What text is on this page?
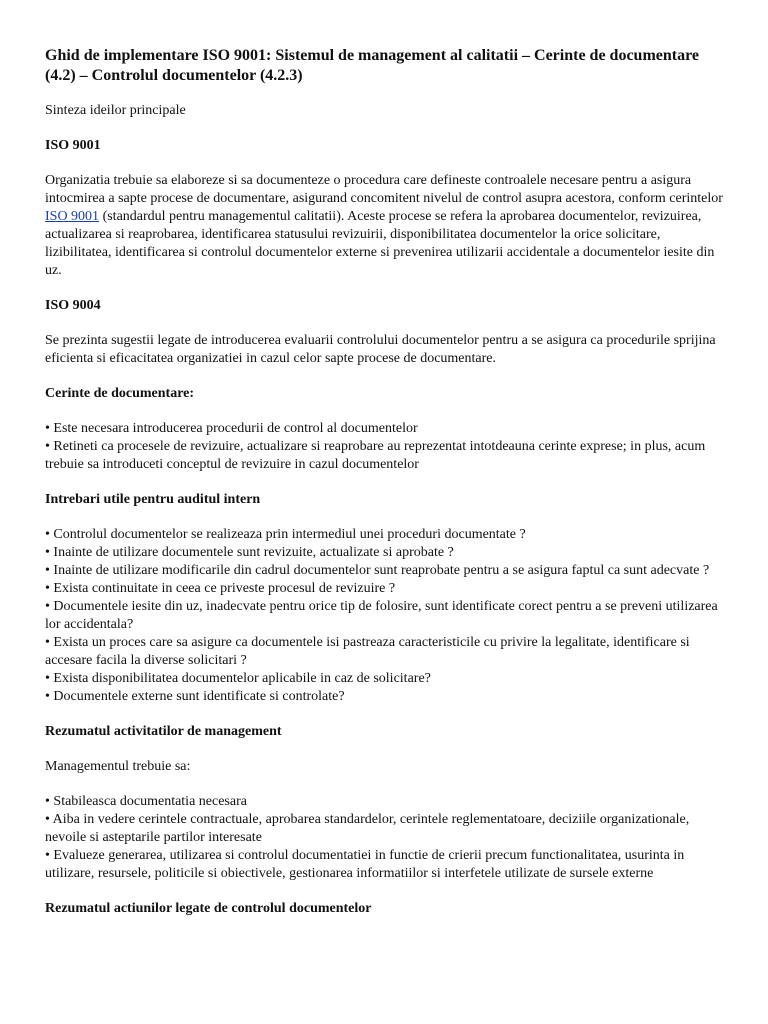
Ghid de implementare ISO 9001: Sistemul de management al calitatii – Cerinte de documentare (4.2) – Controlul documentelor (4.2.3)
Sinteza ideilor principale
ISO 9001
Organizatia trebuie sa elaboreze si sa documenteze o procedura care defineste controalele necesare pentru a asigura intocmirea a sapte procese de documentare, asigurand concomitent nivelul de control asupra acestora, conform cerintelor ISO 9001 (standardul pentru managementul calitatii). Aceste procese se refera la aprobarea documentelor, revizuirea, actualizarea si reaprobarea, identificarea statusului revizuirii, disponibilitatea documentelor la orice solicitare, lizibilitatea, identificarea si controlul documentelor externe si prevenirea utilizarii accidentale a documentelor iesite din uz.
ISO 9004
Se prezinta sugestii legate de introducerea evaluarii controlului documentelor pentru a se asigura ca procedurile sprijina eficienta si eficacitatea organizatiei in cazul celor sapte procese de documentare.
Cerinte de documentare:
• Este necesara introducerea procedurii de control al documentelor
• Retineti ca procesele de revizuire, actualizare si reaprobare au reprezentat intotdeauna cerinte exprese; in plus, acum trebuie sa introduceti conceptul de revizuire in cazul documentelor
Intrebari utile pentru auditul intern
• Controlul documentelor se realizeaza prin intermediul unei proceduri documentate ?
• Inainte de utilizare documentele sunt revizuite, actualizate si aprobate ?
• Inainte de utilizare modificarile din cadrul documentelor sunt reaprobate pentru a se asigura faptul ca sunt adecvate ?
• Exista continuitate in ceea ce priveste procesul de revizuire ?
• Documentele iesite din uz, inadecvate pentru orice tip de folosire, sunt identificate corect pentru a se preveni utilizarea lor accidentala?
• Exista un proces care sa asigure ca documentele isi pastreaza caracteristicile cu privire la legalitate, identificare si accesare facila la diverse solicitari ?
• Exista disponibilitatea documentelor aplicabile in caz de solicitare?
• Documentele externe sunt identificate si controlate?
Rezumatul activitatilor de management
Managementul trebuie sa:
• Stabileasca documentatia necesara
• Aiba in vedere cerintele contractuale, aprobarea standardelor, cerintele reglementatoare, deciziile organizationale, nevoile si asteptarile partilor interesate
• Evalueze generarea, utilizarea si controlul documentatiei in functie de crierii precum functionalitatea, usurinta in utilizare, resursele, politicile si obiectivele, gestionarea informatiilor si interfetele utilizate de sursele externe
Rezumatul actiunilor legate de controlul documentelor
